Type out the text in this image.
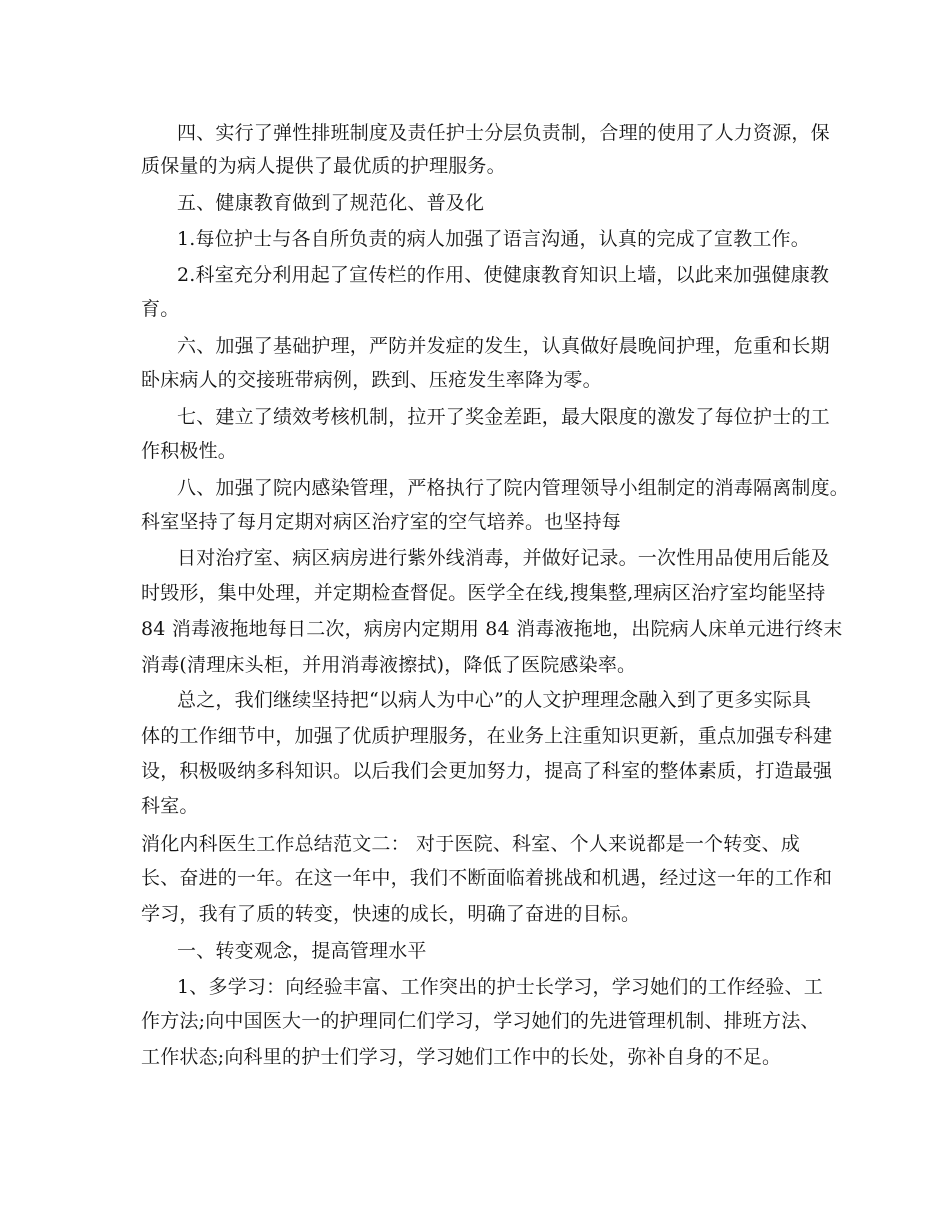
四、实行了弹性排班制度及责任护士分层负责制，合理的使用了人力资源，保
质保量的为病人提供了最优质的护理服务。
五、健康教育做到了规范化、普及化
1.每位护士与各自所负责的病人加强了语言沟通，认真的完成了宣教工作。
2.科室充分利用起了宣传栏的作用、使健康教育知识上墙，以此来加强健康教
育。
六、加强了基础护理，严防并发症的发生，认真做好晨晚间护理，危重和长期
卧床病人的交接班带病例，跌到、压疮发生率降为零。
七、建立了绩效考核机制，拉开了奖金差距，最大限度的激发了每位护士的工
作积极性。
八、加强了院内感染管理，严格执行了院内管理领导小组制定的消毒隔离制度。
科室坚持了每月定期对病区治疗室的空气培养。也坚持每
日对治疗室、病区病房进行紫外线消毒，并做好记录。一次性用品使用后能及
时毁形，集中处理，并定期检查督促。医学全在线,搜集整,理病区治疗室均能坚持
84 消毒液拖地每日二次，病房内定期用 84 消毒液拖地，出院病人床单元进行终末
消毒(清理床头柜，并用消毒液擦拭)，降低了医院感染率。
总之，我们继续坚持把“以病人为中心”的人文护理理念融入到了更多实际具
体的工作细节中，加强了优质护理服务，在业务上注重知识更新，重点加强专科建
设，积极吸纳多科知识。以后我们会更加努力，提高了科室的整体素质，打造最强
科室。
消化内科医生工作总结范文二： 对于医院、科室、个人来说都是一个转变、成
长、奋进的一年。在这一年中，我们不断面临着挑战和机遇，经过这一年的工作和
学习，我有了质的转变，快速的成长，明确了奋进的目标。
一、转变观念，提高管理水平
1、多学习：向经验丰富、工作突出的护士长学习，学习她们的工作经验、工
作方法;向中国医大一的护理同仁们学习，学习她们的先进管理机制、排班方法、
工作状态;向科里的护士们学习，学习她们工作中的长处，弥补自身的不足。
